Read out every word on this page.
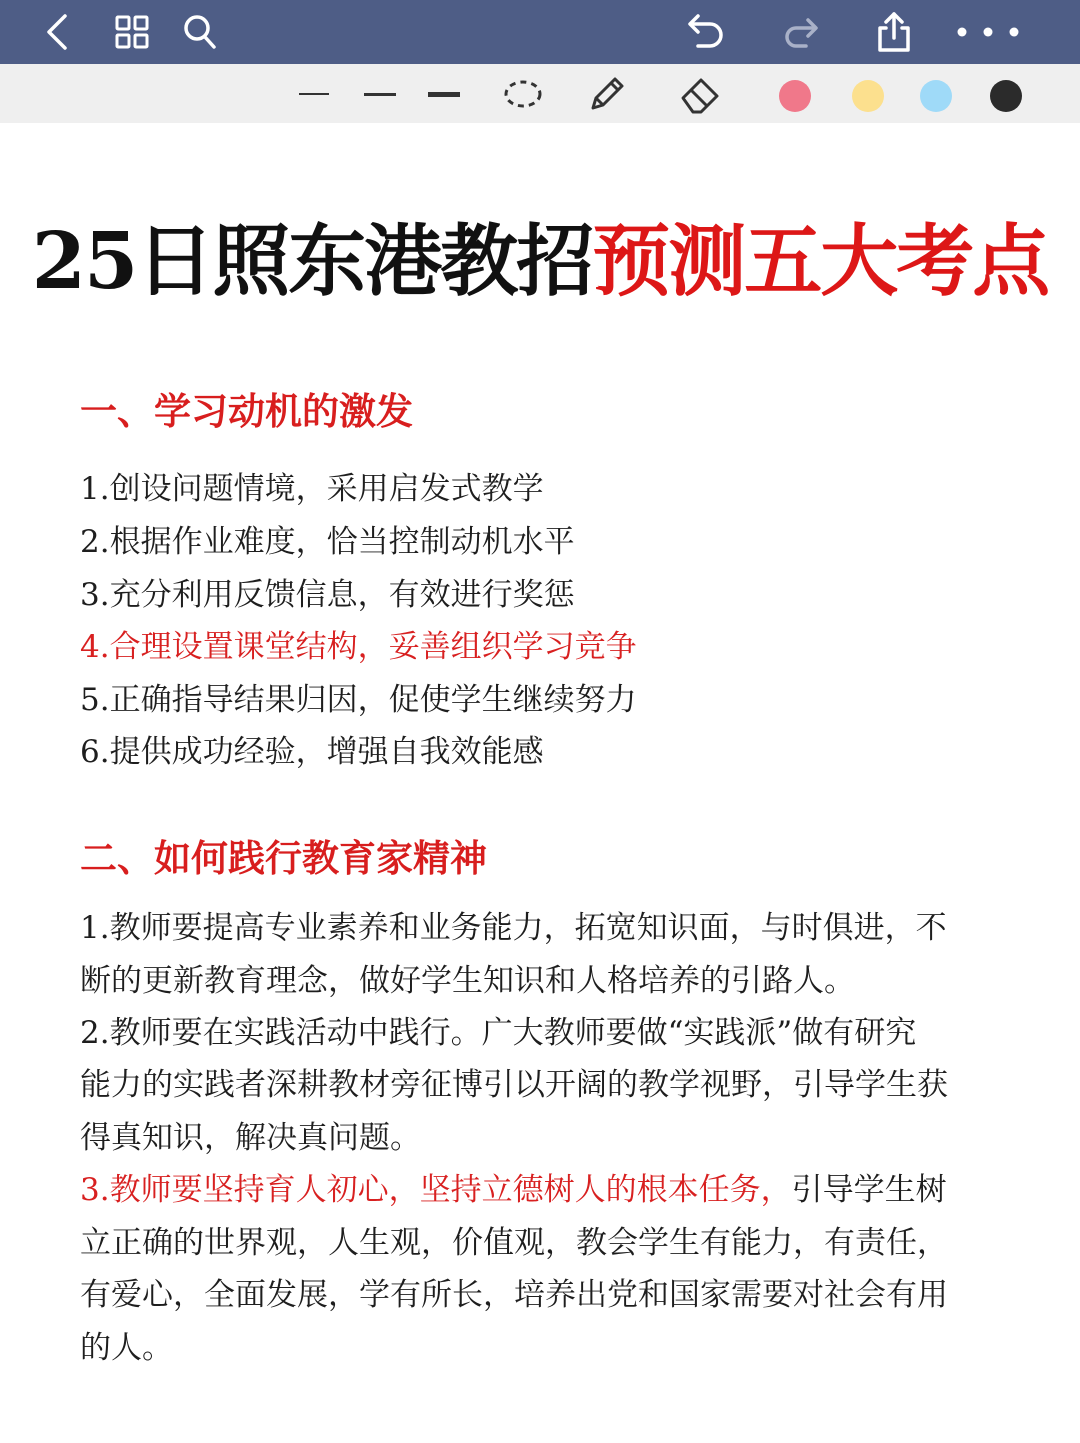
25日照东港教招预测五大考点
一、学习动机的激发
1.创设问题情境，采用启发式教学
2.根据作业难度，恰当控制动机水平
3.充分利用反馈信息，有效进行奖惩
4.合理设置课堂结构，妥善组织学习竞争
5.正确指导结果归因，促使学生继续努力
6.提供成功经验，增强自我效能感
二、如何践行教育家精神
1.教师要提高专业素养和业务能力，拓宽知识面，与时俱进，不
断的更新教育理念，做好学生知识和人格培养的引路人。
2.教师要在实践活动中践行。广大教师要做“实践派”做有研究
能力的实践者深耕教材旁征博引以开阔的教学视野，引导学生获
得真知识，解决真问题。
3.教师要坚持育人初心，坚持立德树人的根本任务，引导学生树
立正确的世界观，人生观，价值观，教会学生有能力，有责任，
有爱心，全面发展，学有所长，培养出党和国家需要对社会有用
的人。
